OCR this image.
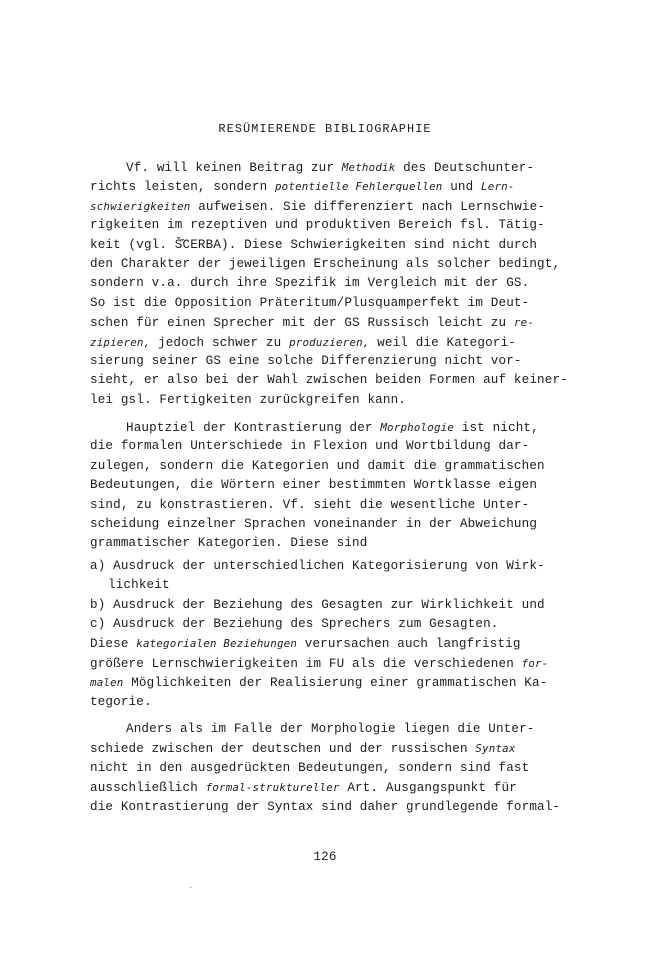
RESÜMIERENDE BIBLIOGRAPHIE
Vf. will keinen Beitrag zur Methodik des Deutschunter-
richts leisten, sondern potentielle Fehlerquellen und Lern-
schwierigkeiten aufweisen. Sie differenziert nach Lernschwie-
rigkeiten im rezeptiven und produktiven Bereich fsl. Tätig-
keit (vgl. Š̌CERBA). Diese Schwierigkeiten sind nicht durch
den Charakter der jeweiligen Erscheinung als solcher bedingt,
sondern v.a. durch ihre Spezifik im Vergleich mit der GS.
So ist die Opposition Präteritum/Plusquamperfekt im Deut-
schen für einen Sprecher mit der GS Russisch leicht zu re-
zipieren, jedoch schwer zu produzieren, weil die Kategori-
sierung seiner GS eine solche Differenzierung nicht vor-
sieht, er also bei der Wahl zwischen beiden Formen auf keiner-
lei gsl. Fertigkeiten zurückgreifen kann.
Hauptziel der Kontrastierung der Morphologie ist nicht,
die formalen Unterschiede in Flexion und Wortbildung dar-
zulegen, sondern die Kategorien und damit die grammatischen
Bedeutungen, die Wörtern einer bestimmten Wortklasse eigen
sind, zu konstrastieren. Vf. sieht die wesentliche Unter-
scheidung einzelner Sprachen voneinander in der Abweichung
grammatischer Kategorien. Diese sind
a) Ausdruck der unterschiedlichen Kategorisierung von Wirk-
lichkeit
b) Ausdruck der Beziehung des Gesagten zur Wirklichkeit und
c) Ausdruck der Beziehung des Sprechers zum Gesagten.
Diese kategorialen Beziehungen verursachen auch langfristig
größere Lernschwierigkeiten im FU als die verschiedenen for-
malen Möglichkeiten der Realisierung einer grammatischen Ka-
tegorie.
Anders als im Falle der Morphologie liegen die Unter-
schiede zwischen der deutschen und der russischen Syntax
nicht in den ausgedrückten Bedeutungen, sondern sind fast
ausschließlich formal-struktureller Art. Ausgangspunkt für
die Kontrastierung der Syntax sind daher grundlegende formal-
126
